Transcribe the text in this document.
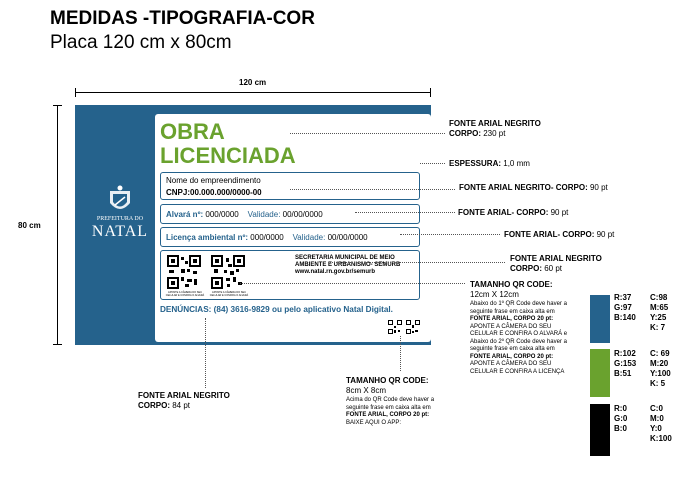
MEDIDAS -TIPOGRAFIA-COR
Placa 120 cm x 80cm
120 cm
80 cm
PREFEITURA DO
NATAL
OBRA
LICENCIADA
Nome do empreendimento
CNPJ:00.000.000/0000-00
Alvará nº: 000/0000 Validade: 00/00/0000
Licença ambiental nº: 000/0000 Validade: 00/00/0000
APONTE A CÂMERA DO SEU CELULAR E CONFIRA O ALVARÁ
APONTE A CÂMERA DO SEU CELULAR E CONFIRA O ALVARÁ
SECRETARIA MUNICIPAL DE MEIO
AMBIENTE E URBANISMO- SEMURB
www.natal.rn.gov.br/semurb
DENÚNCIAS: (84) 3616-9829 ou pelo aplicativo Natal Digital.
FONTE ARIAL NEGRITO
CORPO: 230 pt
ESPESSURA: 1,0 mm
FONTE ARIAL NEGRITO- CORPO: 90 pt
FONTE ARIAL- CORPO: 90 pt
FONTE ARIAL- CORPO: 90 pt
FONTE ARIAL NEGRITO
CORPO: 60 pt
TAMANHO QR CODE:
12cm X 12cm
Abaixo do 1º QR Code deve haver a
seguinte frase em caixa alta em
FONTE ARIAL, CORPO 20 pt:
APONTE A CÂMERA DO SEU
CELULAR E CONFIRA O ALVARÁ e
Abaixo do 2º QR Code deve haver a
seguinte frase em caixa alta em
FONTE ARIAL, CORPO 20 pt:
APONTE A CÂMERA DO SEU
CELULAR E CONFIRA A LICENÇA
FONTE ARIAL NEGRITO
CORPO: 84 pt
TAMANHO QR CODE:
8cm X 8cm
Acima do QR Code deve haver a
seguinte frase em caixa alta em
FONTE ARIAL, CORPO 20 pt:
BAIXE AQUI O APP:
R:37
G:97
B:140
C:98
M:65
Y:25
K: 7
R:102
G:153
B:51
C: 69
M:20
Y:100
K: 5
R:0
G:0
B:0
C:0
M:0
Y:0
K:100
